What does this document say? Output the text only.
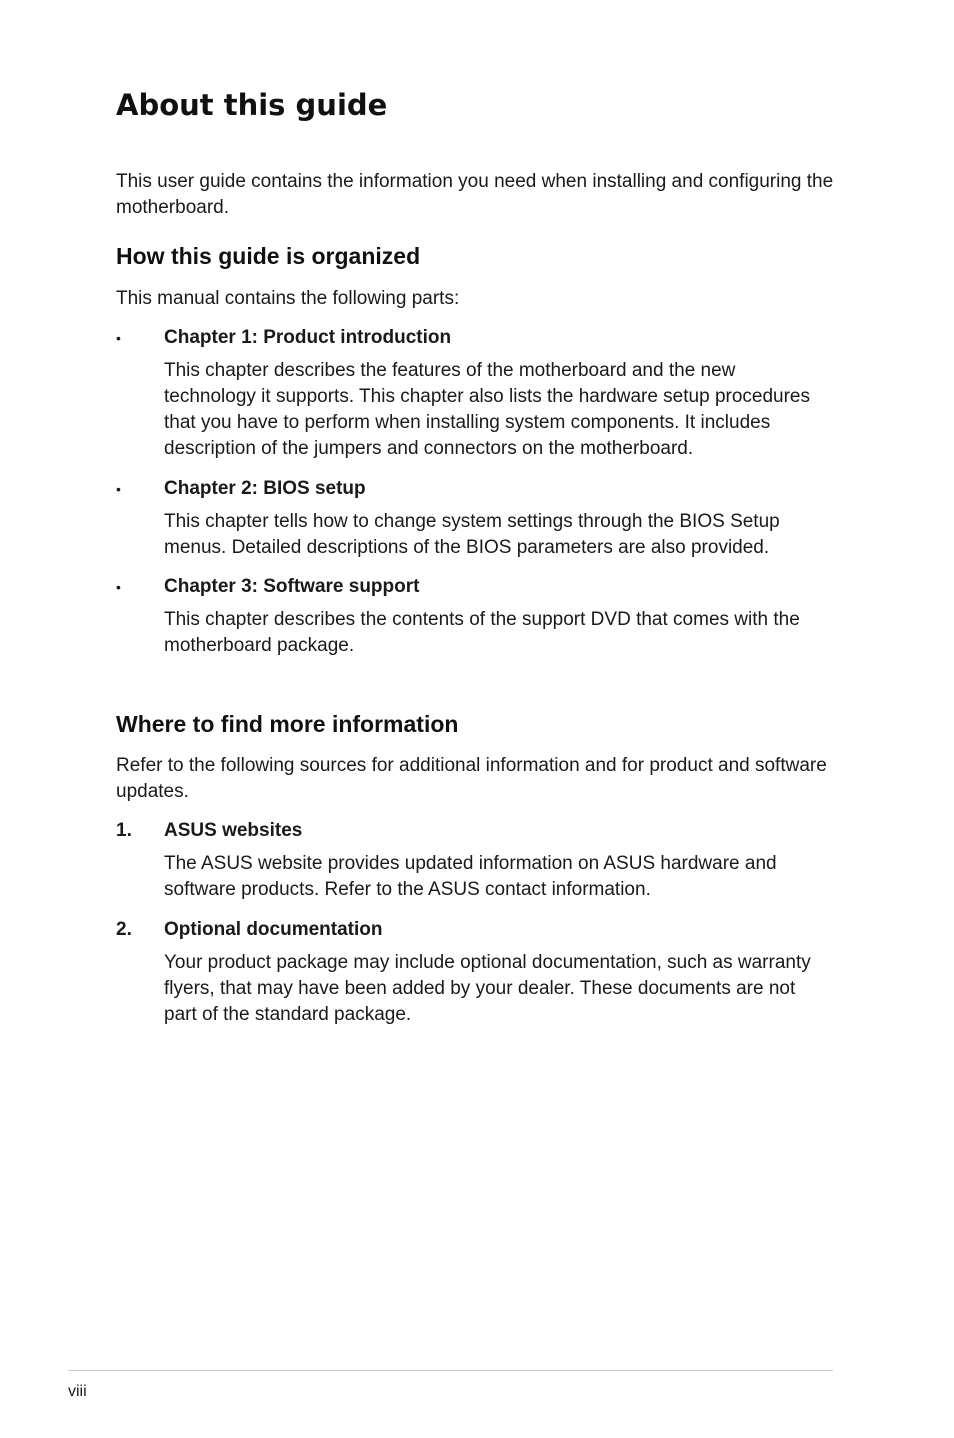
About this guide

This user guide contains the information you need when installing and configuring the motherboard.

How this guide is organized

This manual contains the following parts:

• Chapter 1: Product introduction

This chapter describes the features of the motherboard and the new technology it supports. This chapter also lists the hardware setup procedures that you have to perform when installing system components. It includes description of the jumpers and connectors on the motherboard.

• Chapter 2: BIOS setup

This chapter tells how to change system settings through the BIOS Setup menus. Detailed descriptions of the BIOS parameters are also provided.

• Chapter 3: Software support

This chapter describes the contents of the support DVD that comes with the motherboard package.

Where to find more information

Refer to the following sources for additional information and for product and software updates.

1. ASUS websites

The ASUS website provides updated information on ASUS hardware and software products. Refer to the ASUS contact information.

2. Optional documentation

Your product package may include optional documentation, such as warranty flyers, that may have been added by your dealer. These documents are not part of the standard package.

viii
